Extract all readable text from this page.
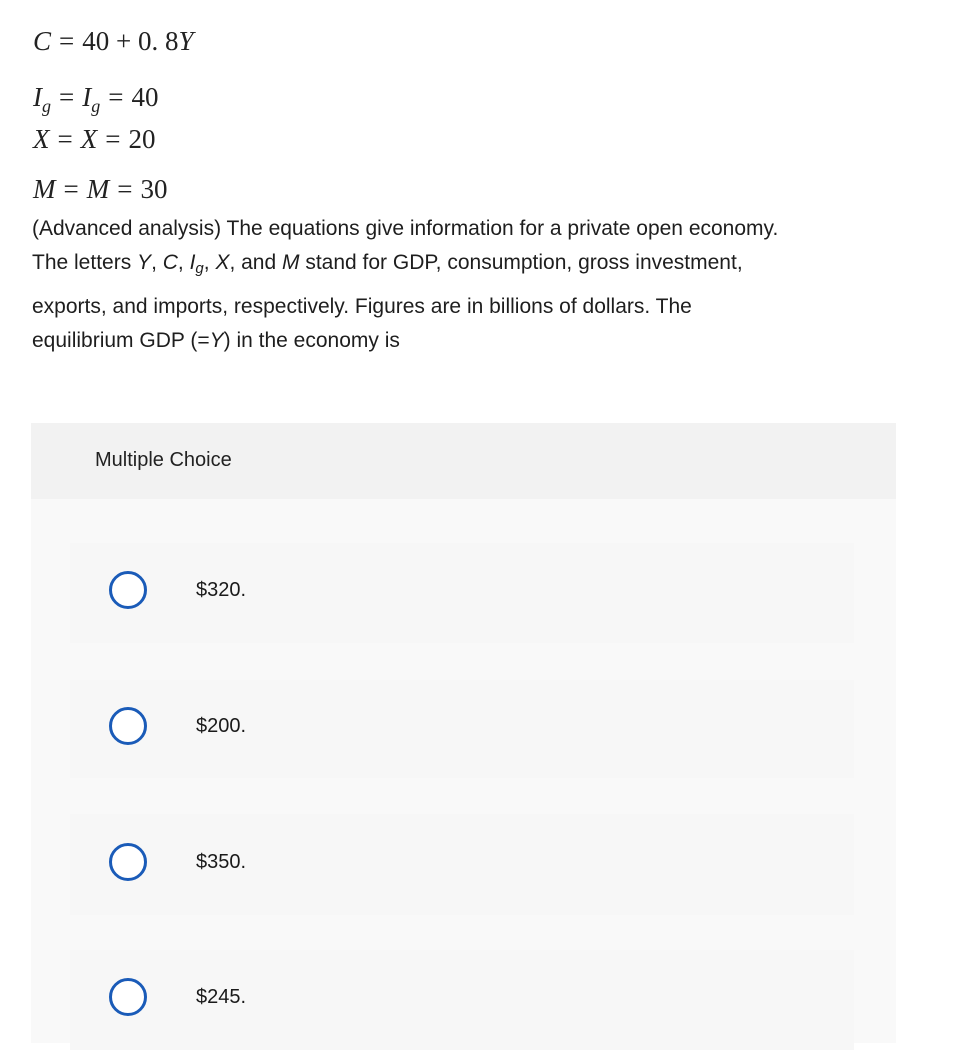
C = 40 + 0. 8Y
$I_g = I_g = 40$
X = X = 20
M = M = 30
(Advanced analysis) The equations give information for a private open economy.
The letters Y, C, $I_g$, X, and M stand for GDP, consumption, gross investment,
exports, and imports, respectively. Figures are in billions of dollars. The
equilibrium GDP (=Y) in the economy is
Multiple Choice
$320.
$200.
$350.
$245.
